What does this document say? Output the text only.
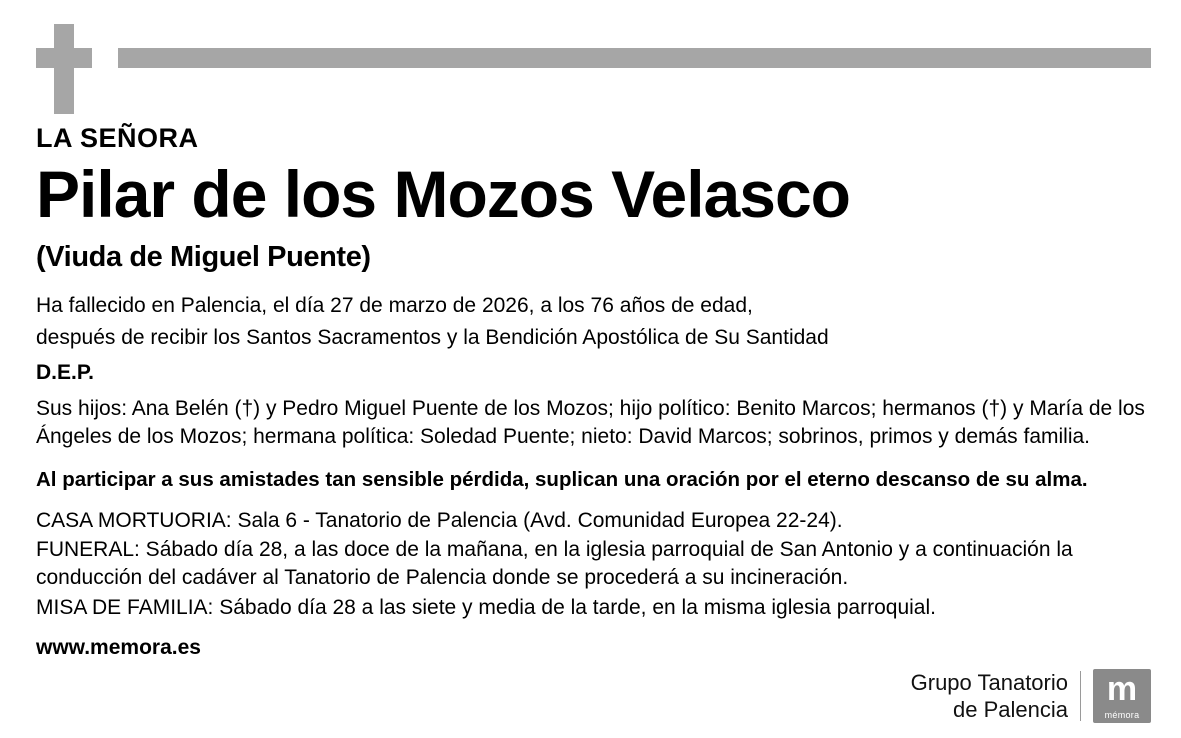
LA SEÑORA
Pilar de los Mozos Velasco
(Viuda de Miguel Puente)
Ha fallecido en Palencia, el día 27 de marzo de 2026, a los 76 años de edad,
después de recibir los Santos Sacramentos y la Bendición Apostólica de Su Santidad
D.E.P.
Sus hijos: Ana Belén (†) y Pedro Miguel Puente de los Mozos; hijo político: Benito Marcos; hermanos (†) y María de los Ángeles de los Mozos; hermana política: Soledad Puente; nieto: David Marcos; sobrinos, primos y demás familia.
Al participar a sus amistades tan sensible pérdida, suplican una oración por el eterno descanso de su alma.
CASA MORTUORIA: Sala 6 - Tanatorio de Palencia (Avd. Comunidad Europea 22-24).
FUNERAL: Sábado día 28, a las doce de la mañana, en la iglesia parroquial de San Antonio y a continuación la conducción del cadáver al Tanatorio de Palencia donde se procederá a su incineración.
MISA DE FAMILIA: Sábado día 28 a las siete y media de la tarde, en la misma iglesia parroquial.
www.memora.es
Grupo Tanatorio
de Palencia
m
mémora
